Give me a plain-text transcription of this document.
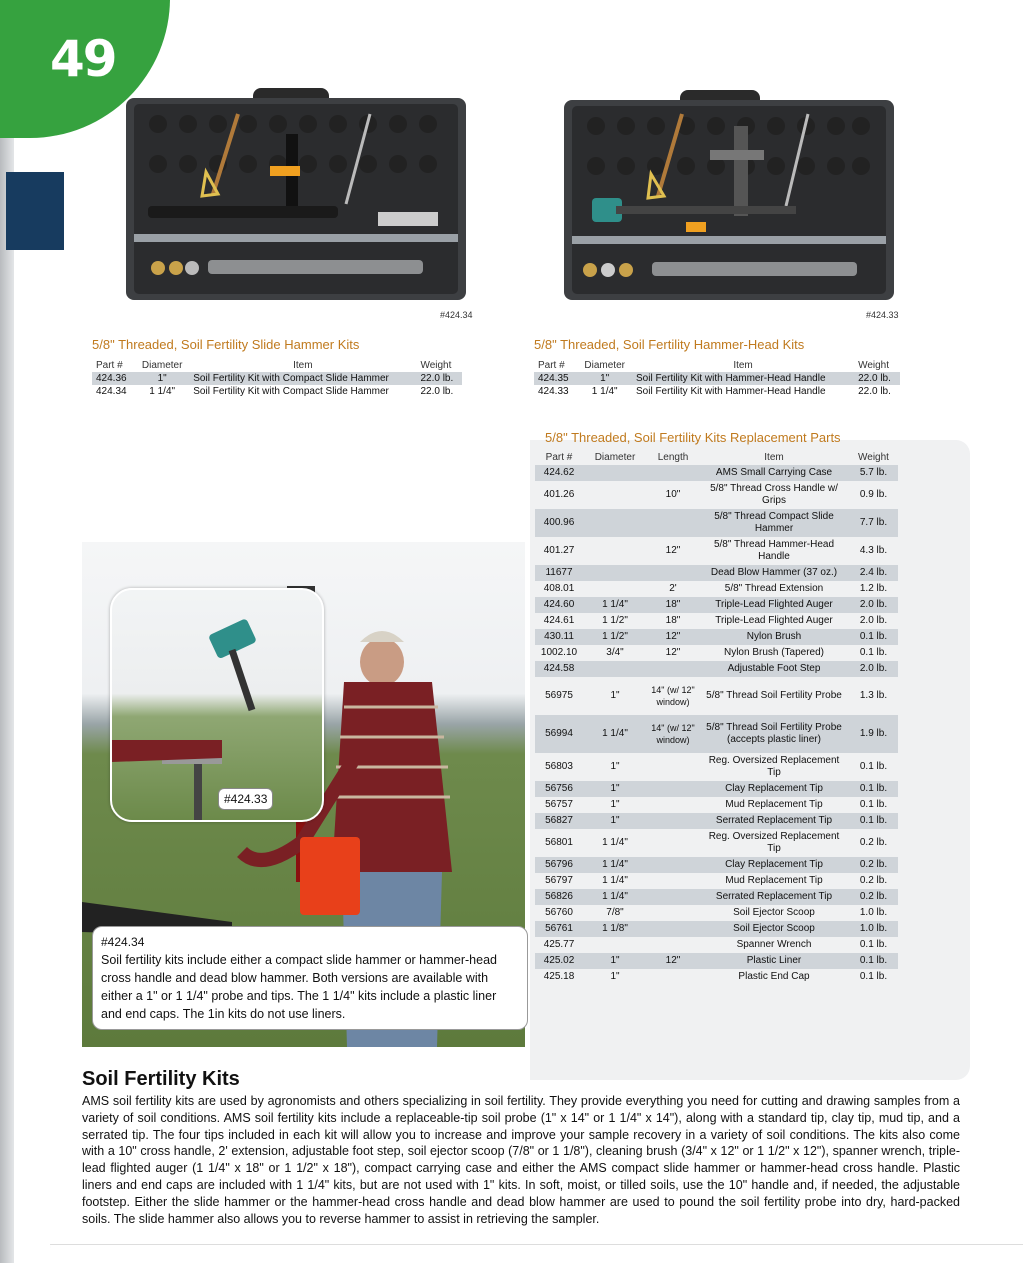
49
#424.34	#424.33
5/8" Threaded, Soil Fertility Slide Hammer Kits
Part #	Diameter	Item	Weight
424.36	1"	Soil Fertility Kit with Compact Slide Hammer	22.0 lb.
424.34	1 1/4"	Soil Fertility Kit with Compact Slide Hammer	22.0 lb.
5/8" Threaded, Soil Fertility Hammer-Head Kits
Part #	Diameter	Item	Weight
424.35	1"	Soil Fertility Kit with Hammer-Head Handle	22.0 lb.
424.33	1 1/4"	Soil Fertility Kit with Hammer-Head Handle	22.0 lb.
5/8" Threaded, Soil Fertility Kits Replacement Parts
Part #	Diameter	Length	Item	Weight
424.62			AMS Small Carrying Case	5.7 lb.
401.26		10"	5/8" Thread Cross Handle w/ Grips	0.9 lb.
400.96			5/8" Thread Compact Slide Hammer	7.7 lb.
401.27		12"	5/8" Thread Hammer-Head Handle	4.3 lb.
11677			Dead Blow Hammer (37 oz.)	2.4 lb.
408.01		2'	5/8" Thread Extension	1.2 lb.
424.60	1 1/4"	18"	Triple-Lead Flighted Auger	2.0 lb.
424.61	1 1/2"	18"	Triple-Lead Flighted Auger	2.0 lb.
430.11	1 1/2"	12"	Nylon Brush	0.1 lb.
1002.10	3/4"	12"	Nylon Brush (Tapered)	0.1 lb.
424.58			Adjustable Foot Step	2.0 lb.
56975	1"	14" (w/ 12" window)	5/8" Thread Soil Fertility Probe	1.3 lb.
56994	1 1/4"	14" (w/ 12" window)	5/8" Thread Soil Fertility Probe (accepts plastic liner)	1.9 lb.
56803	1"		Reg. Oversized Replacement Tip	0.1 lb.
56756	1"		Clay Replacement Tip	0.1 lb.
56757	1"		Mud Replacement Tip	0.1 lb.
56827	1"		Serrated Replacement Tip	0.1 lb.
56801	1 1/4"		Reg. Oversized Replacement Tip	0.2 lb.
56796	1 1/4"		Clay Replacement Tip	0.2 lb.
56797	1 1/4"		Mud Replacement Tip	0.2 lb.
56826	1 1/4"		Serrated Replacement Tip	0.2 lb.
56760	7/8"		Soil Ejector Scoop	1.0 lb.
56761	1 1/8"		Soil Ejector Scoop	1.0 lb.
425.77			Spanner Wrench	0.1 lb.
425.02	1"	12"	Plastic Liner	0.1 lb.
425.18	1"		Plastic End Cap	0.1 lb.
#424.33
#424.34
Soil fertility kits include either a compact slide hammer or hammer-head cross handle and dead blow hammer. Both versions are available with either a 1" or 1 1/4" probe and tips. The 1 1/4" kits include a plastic liner and end caps. The 1in kits do not use liners.
Soil Fertility Kits
AMS soil fertility kits are used by agronomists and others specializing in soil fertility. They provide everything you need for cutting and drawing samples from a variety of soil conditions. AMS soil fertility kits include a replaceable-tip soil probe (1" x 14" or 1 1/4" x 14"), along with a standard tip, clay tip, mud tip, and a serrated tip. The four tips included in each kit will allow you to increase and improve your sample recovery in a variety of soil conditions. The kits also come with a 10" cross handle, 2' extension, adjustable foot step, soil ejector scoop (7/8" or 1 1/8"), cleaning brush (3/4" x 12" or 1 1/2" x 12"), spanner wrench, triple-lead flighted auger (1 1/4" x 18" or 1 1/2" x 18"), compact carrying case and either the AMS compact slide hammer or hammer-head cross handle. Plastic liners and end caps are included with 1 1/4" kits, but are not used with 1" kits. In soft, moist, or tilled soils, use the 10" handle and, if needed, the adjustable footstep. Either the slide hammer or the hammer-head cross handle and dead blow hammer are used to pound the soil fertility probe into dry, hard-packed soils. The slide hammer also allows you to reverse hammer to assist in retrieving the sampler.
